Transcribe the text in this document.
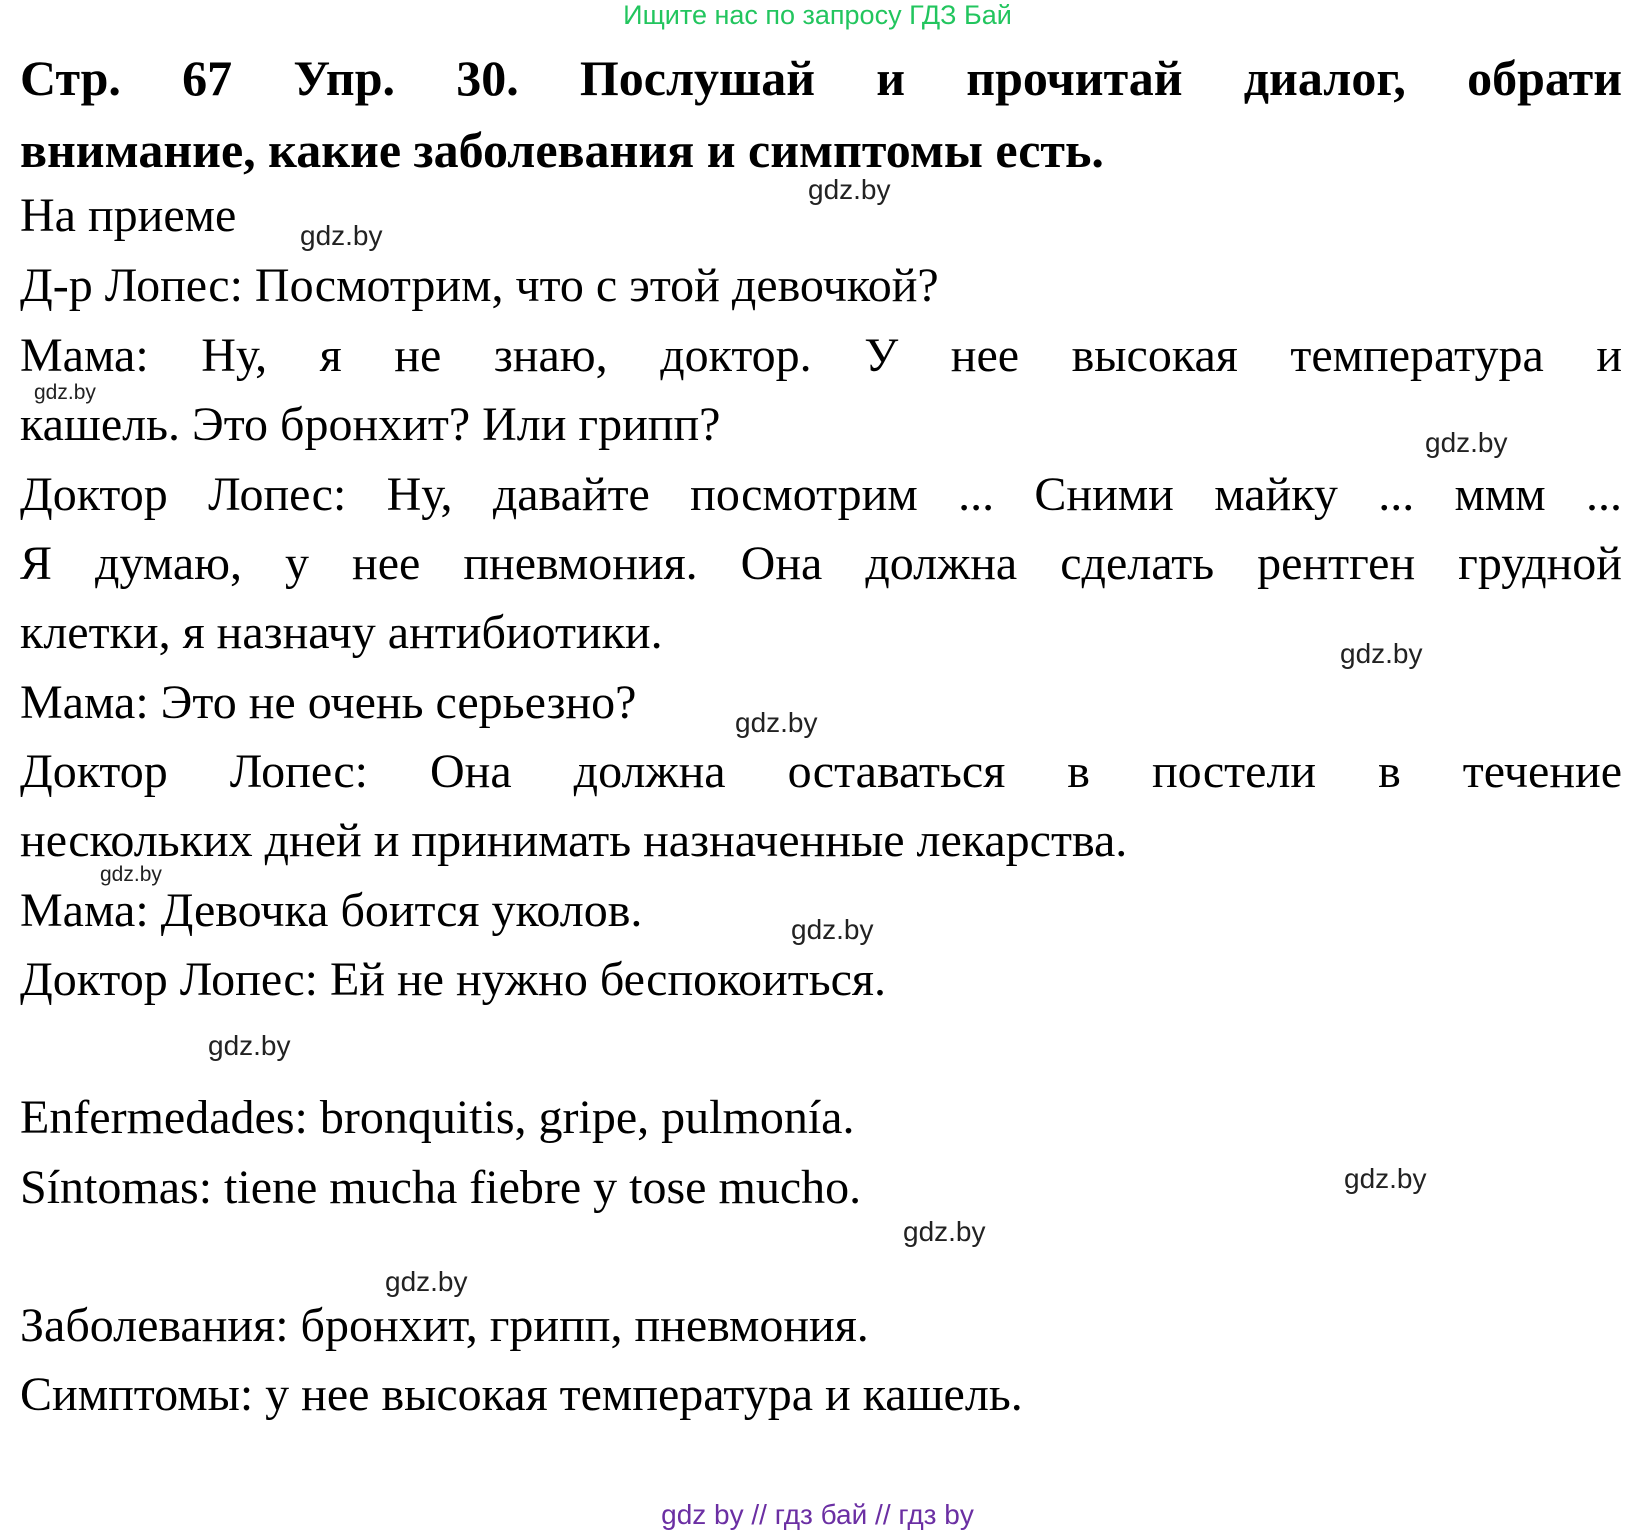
Ищите нас по запросу ГДЗ Бай
Стр. 67 Упр. 30. Послушай и прочитай диалог, обрати
внимание, какие заболевания и симптомы есть.
На приеме
Д-р Лопес: Посмотрим, что с этой девочкой?
Мама: Ну, я не знаю, доктор. У нее высокая температура и
кашель. Это бронхит? Или грипп?
Доктор Лопес: Ну, давайте посмотрим ... Сними майку ... ммм ...
Я думаю, у нее пневмония. Она должна сделать рентген грудной
клетки, я назначу антибиотики.
Мама: Это не очень серьезно?
Доктор Лопес: Она должна оставаться в постели в течение
нескольких дней и принимать назначенные лекарства.
Мама: Девочка боится уколов.
Доктор Лопес: Ей не нужно беспокоиться.
Enfermedades: bronquitis, gripe, pulmonía.
Síntomas: tiene mucha fiebre y tose mucho.
Заболевания: бронхит, грипп, пневмония.
Симптомы: у нее высокая температура и кашель.
gdz.by
gdz.by
gdz.by
gdz.by
gdz.by
gdz.by
gdz.by
gdz.by
gdz.by
gdz.by
gdz.by
gdz.by
gdz by // гдз бай // гдз by
